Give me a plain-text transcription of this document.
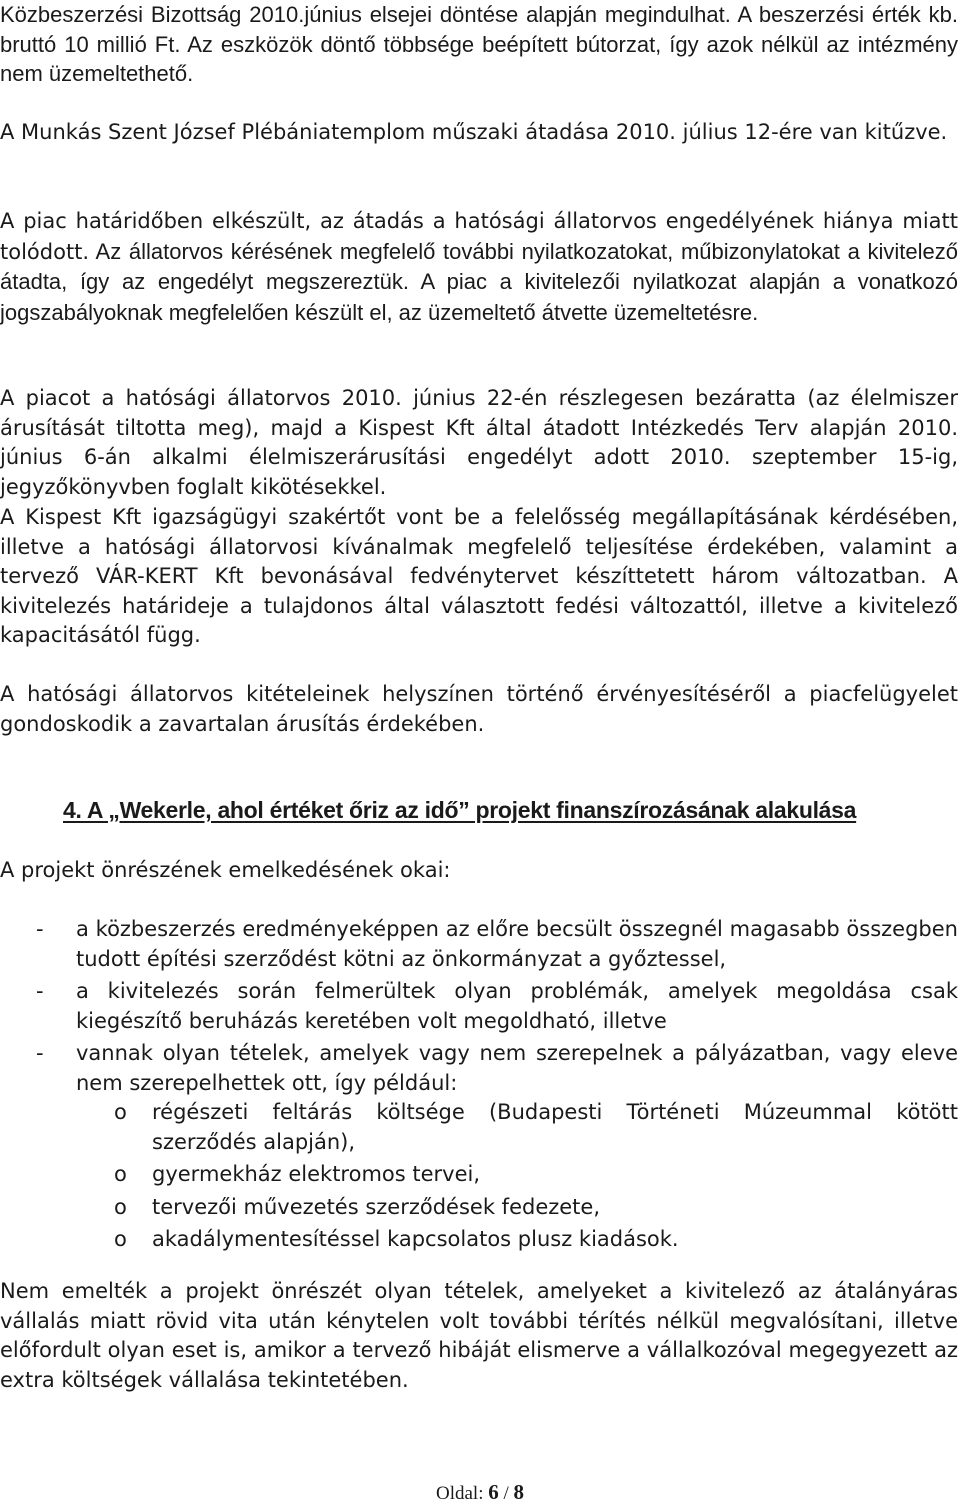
Közbeszerzési Bizottság 2010.június elsejei döntése alapján megindulhat. A beszerzési érték kb. bruttó 10 millió Ft. Az eszközök döntő többsége beépített bútorzat, így azok nélkül az intézmény nem üzemeltethető.

A Munkás Szent József Plébániatemplom műszaki átadása 2010. július 12-ére van kitűzve.

A piac határidőben elkészült, az átadás a hatósági állatorvos engedélyének hiánya miatt tolódott. Az állatorvos kérésének megfelelő további nyilatkozatokat, műbizonylatokat a kivitelező átadta, így az engedélyt megszereztük. A piac a kivitelezői nyilatkozat alapján a vonatkozó jogszabályoknak megfelelően készült el, az üzemeltető átvette üzemeltetésre.

A piacot a hatósági állatorvos 2010. június 22-én részlegesen bezáratta (az élelmiszer árusítását tiltotta meg), majd a Kispest Kft által átadott Intézkedés Terv alapján 2010. június 6-án alkalmi élelmiszerárusítási engedélyt adott 2010. szeptember 15-ig, jegyzőkönyvben foglalt kikötésekkel.

A Kispest Kft igazságügyi szakértőt vont be a felelősség megállapításának kérdésében, illetve a hatósági állatorvosi kívánalmak megfelelő teljesítése érdekében, valamint a tervező VÁR-KERT Kft bevonásával fedvénytervet készíttetett három változatban. A kivitelezés határideje a tulajdonos által választott fedési változattól, illetve a kivitelező kapacitásától függ.

A hatósági állatorvos kitételeinek helyszínen történő érvényesítéséről a piacfelügyelet gondoskodik a zavartalan árusítás érdekében.

4. A „Wekerle, ahol értéket őriz az idő” projekt finanszírozásának alakulása

A projekt önrészének emelkedésének okai:

- a közbeszerzés eredményeképpen az előre becsült összegnél magasabb összegben tudott építési szerződést kötni az önkormányzat a győztessel,
- a kivitelezés során felmerültek olyan problémák, amelyek megoldása csak kiegészítő beruházás keretében volt megoldható, illetve
- vannak olyan tételek, amelyek vagy nem szerepelnek a pályázatban, vagy eleve nem szerepelhettek ott, így például:
o régészeti feltárás költsége (Budapesti Történeti Múzeummal kötött szerződés alapján),
o gyermekház elektromos tervei,
o tervezői művezetés szerződések fedezete,
o akadálymentesítéssel kapcsolatos plusz kiadások.

Nem emelték a projekt önrészét olyan tételek, amelyeket a kivitelező az átalányáras vállalás miatt rövid vita után kénytelen volt további térítés nélkül megvalósítani, illetve előfordult olyan eset is, amikor a tervező hibáját elismerve a vállalkozóval megegyezett az extra költségek vállalása tekintetében.

Oldal: 6 / 8
